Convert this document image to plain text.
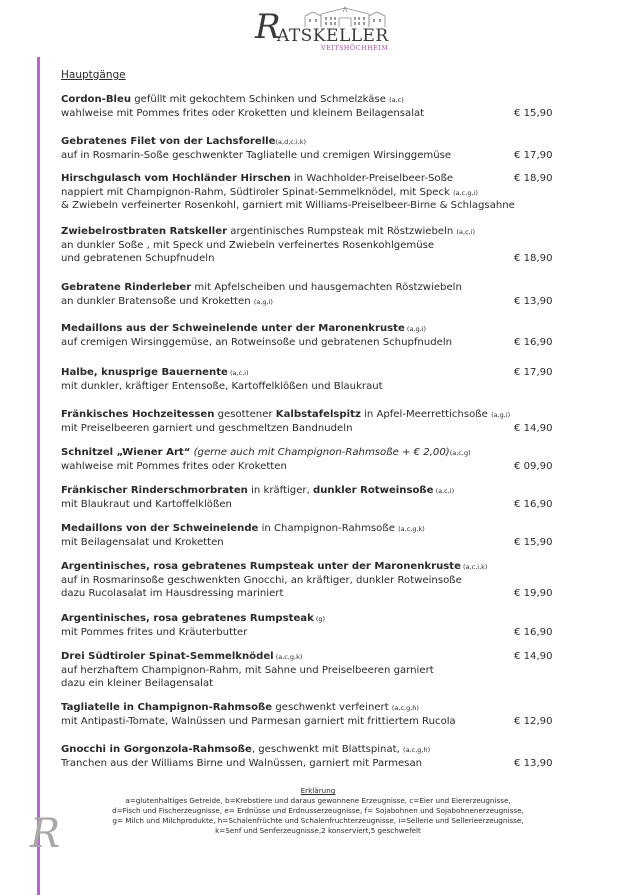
R
ATSKELLER
VEITSHÖCHHEIM
Hauptgänge
Cordon-Bleu gefüllt mit gekochtem Schinken und Schmelzkäse (a,c)
wahlweise mit Pommes frites oder Kroketten und kleinem Beilagensalat	€ 15,90
Gebratenes Filet von der Lachsforelle(a,d,c,i,k)
auf in Rosmarin-Soße geschwenkter Tagliatelle und cremigen Wirsinggemüse	€ 17,90
Hirschgulasch vom Hochländer Hirschen in Wachholder-Preiselbeer-Soße
nappiert mit Champignon-Rahm, Südtiroler Spinat-Semmelknödel, mit Speck (a,c,g,i)
& Zwiebeln verfeinerter Rosenkohl, garniert mit Williams-Preiselbeer-Birne & Schlagsahne
€ 18,90
Zwiebelrostbraten Ratskeller argentinisches Rumpsteak mit Röstzwiebeln (a,c,i)
an dunkler Soße , mit Speck und Zwiebeln verfeinertes Rosenkohlgemüse
und gebratenen Schupfnudeln	€ 18,90
Gebratene Rinderleber mit Apfelscheiben und hausgemachten Röstzwiebeln
an dunkler Bratensoße und Kroketten (a,g,i)	€ 13,90
Medaillons aus der Schweinelende unter der Maronenkruste (a,g,i)
auf cremigen Wirsinggemüse, an Rotweinsoße und gebratenen Schupfnudeln	€ 16,90
Halbe, knusprige Bauernente (a,c,i)
mit dunkler, kräftiger Entensoße, Kartoffelklößen und Blaukraut
€ 17,90
Fränkisches Hochzeitessen gesottener Kalbstafelspitz in Apfel-Meerrettichsoße (a,g,i)
mit Preiselbeeren garniert und geschmeltzen Bandnudeln	€ 14,90
Schnitzel „Wiener Art“ (gerne auch mit Champignon-Rahmsoße + € 2,00)(a,c,g)
wahlweise mit Pommes frites oder Kroketten	€ 09,90
Fränkischer Rinderschmorbraten in kräftiger, dunkler Rotweinsoße (a,c,i)
mit Blaukraut und Kartoffelklößen	€ 16,90
Medaillons von der Schweinelende in Champignon-Rahmsoße (a,c,g,k)
mit Beilagensalat und Kroketten	€ 15,90
Argentinisches, rosa gebratenes Rumpsteak unter der Maronenkruste (a,c,i,k)
auf in Rosmarinsoße geschwenkten Gnocchi, an kräftiger, dunkler Rotweinsoße
dazu Rucolasalat im Hausdressing mariniert	€ 19,90
Argentinisches, rosa gebratenes Rumpsteak (g)
mit Pommes frites und Kräuterbutter	€ 16,90
Drei Südtiroler Spinat-Semmelknödel (a,c,g,k)
auf herzhaftem Champignon-Rahm, mit Sahne und Preiselbeeren garniert
dazu ein kleiner Beilagensalat
€ 14,90
Tagliatelle in Champignon-Rahmsoße geschwenkt verfeinert (a,c,g,h)
mit Antipasti-Tomate, Walnüssen und Parmesan garniert mit frittiertem Rucola	€ 12,90
Gnocchi in Gorgonzola-Rahmsoße, geschwenkt mit Blattspinat, (a,c,g,h)
Tranchen aus der Williams Birne und Walnüssen, garniert mit Parmesan	€ 13,90
Erklärung
a=glutenhaltiges Getreide, b=Krebstiere und daraus gewonnene Erzeugnisse, c=Eier und Eiererzeugnisse,
d=Fisch und Fischerzeugnisse, e= Erdnüsse und Erdnusserzeugnisse, f= Sojabohnen und Sojabohnenerzeugnisse,
g= Milch und Milchprodukte, h=Schalenfrüchte und Schalenfruchterzeugnisse, i=Sellerie und Sellerieerzeugnisse,
k=Senf und Senferzeugnisse,2 konserviert,5 geschwefelt
R
